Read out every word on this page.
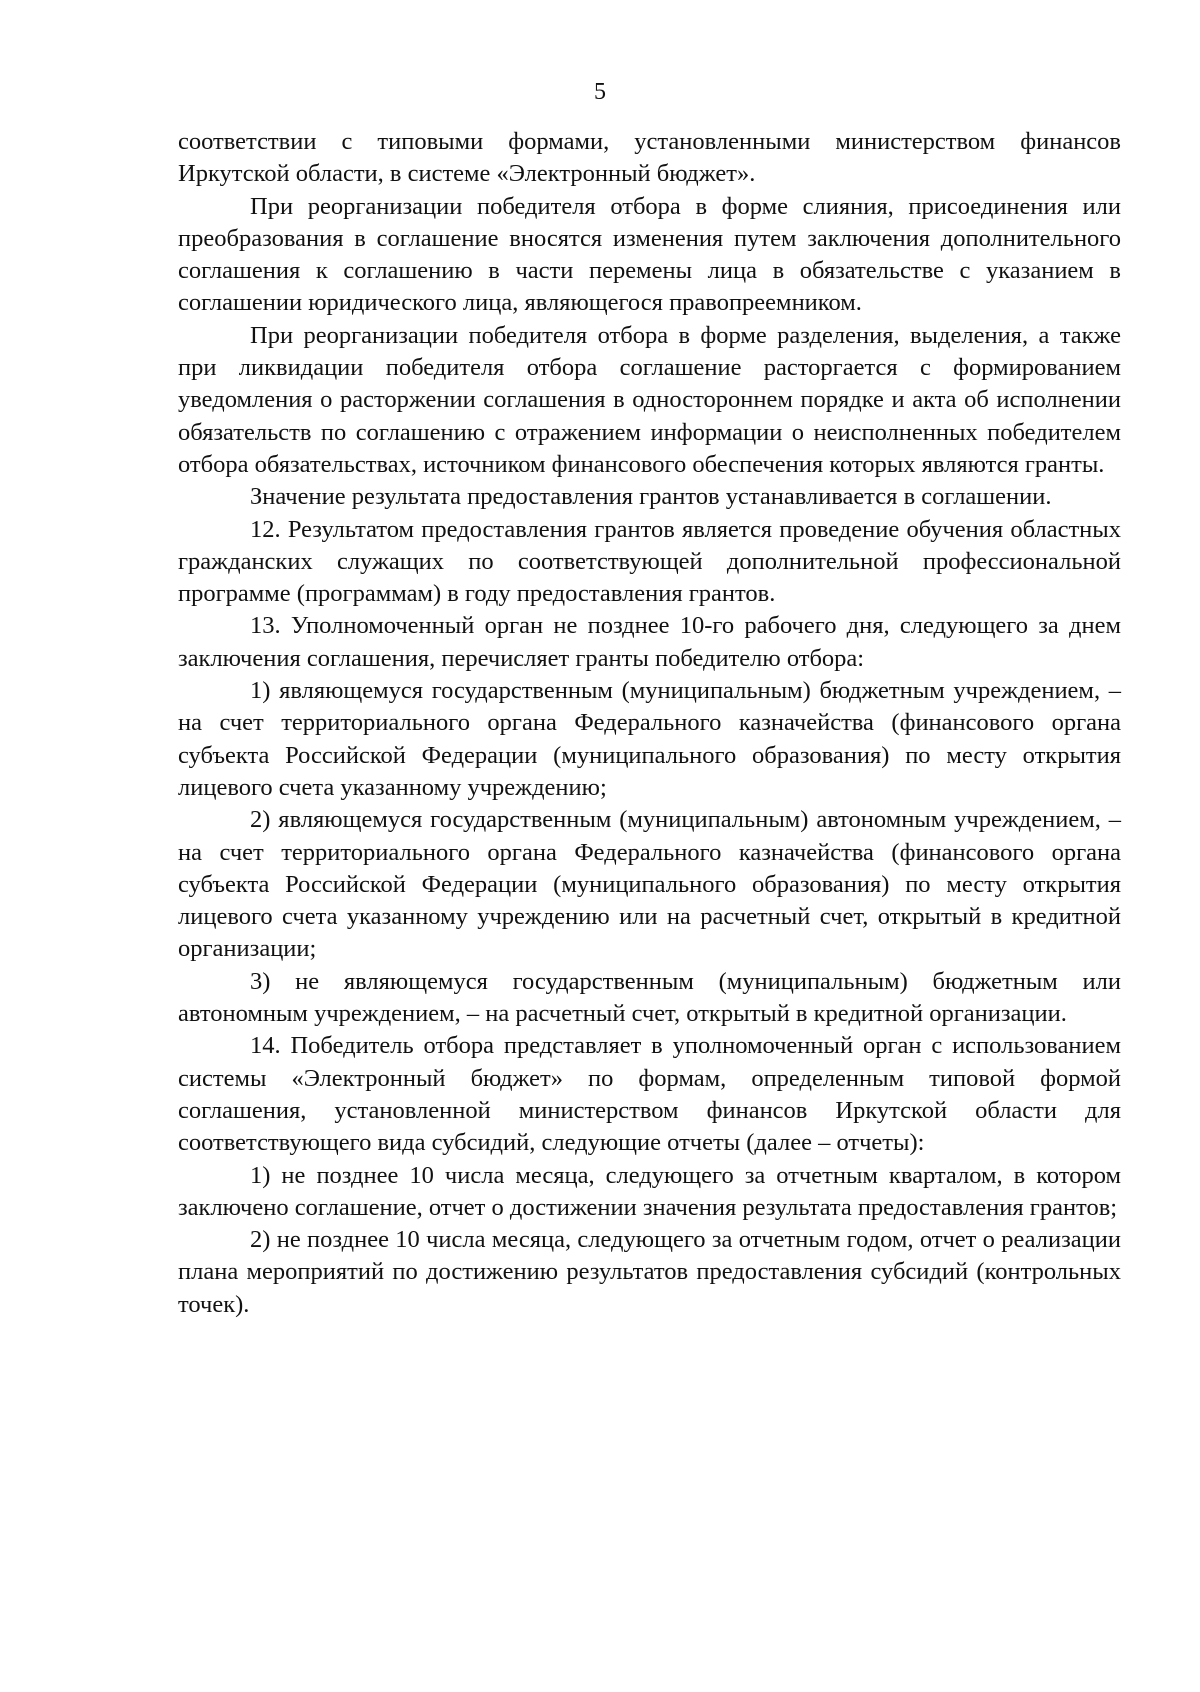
5

соответствии с типовыми формами, установленными министерством финансов Иркутской области, в системе «Электронный бюджет».

При реорганизации победителя отбора в форме слияния, присоединения или преобразования в соглашение вносятся изменения путем заключения дополнительного соглашения к соглашению в части перемены лица в обязательстве с указанием в соглашении юридического лица, являющегося правопреемником.

При реорганизации победителя отбора в форме разделения, выделения, а также при ликвидации победителя отбора соглашение расторгается с формированием уведомления о расторжении соглашения в одностороннем порядке и акта об исполнении обязательств по соглашению с отражением информации о неисполненных победителем отбора обязательствах, источником финансового обеспечения которых являются гранты.

Значение результата предоставления грантов устанавливается в соглашении.

12. Результатом предоставления грантов является проведение обучения областных гражданских служащих по соответствующей дополнительной профессиональной программе (программам) в году предоставления грантов.

13. Уполномоченный орган не позднее 10-го рабочего дня, следующего за днем заключения соглашения, перечисляет гранты победителю отбора:

1) являющемуся государственным (муниципальным) бюджетным учреждением, – на счет территориального органа Федерального казначейства (финансового органа субъекта Российской Федерации (муниципального образования) по месту открытия лицевого счета указанному учреждению;

2) являющемуся государственным (муниципальным) автономным учреждением, – на счет территориального органа Федерального казначейства (финансового органа субъекта Российской Федерации (муниципального образования) по месту открытия лицевого счета указанному учреждению или на расчетный счет, открытый в кредитной организации;

3) не являющемуся государственным (муниципальным) бюджетным или автономным учреждением, – на расчетный счет, открытый в кредитной организации.

14. Победитель отбора представляет в уполномоченный орган с использованием системы «Электронный бюджет» по формам, определенным типовой формой соглашения, установленной министерством финансов Иркутской области для соответствующего вида субсидий, следующие отчеты (далее – отчеты):

1) не позднее 10 числа месяца, следующего за отчетным кварталом, в котором заключено соглашение, отчет о достижении значения результата предоставления грантов;

2) не позднее 10 числа месяца, следующего за отчетным годом, отчет о реализации плана мероприятий по достижению результатов предоставления субсидий (контрольных точек).
